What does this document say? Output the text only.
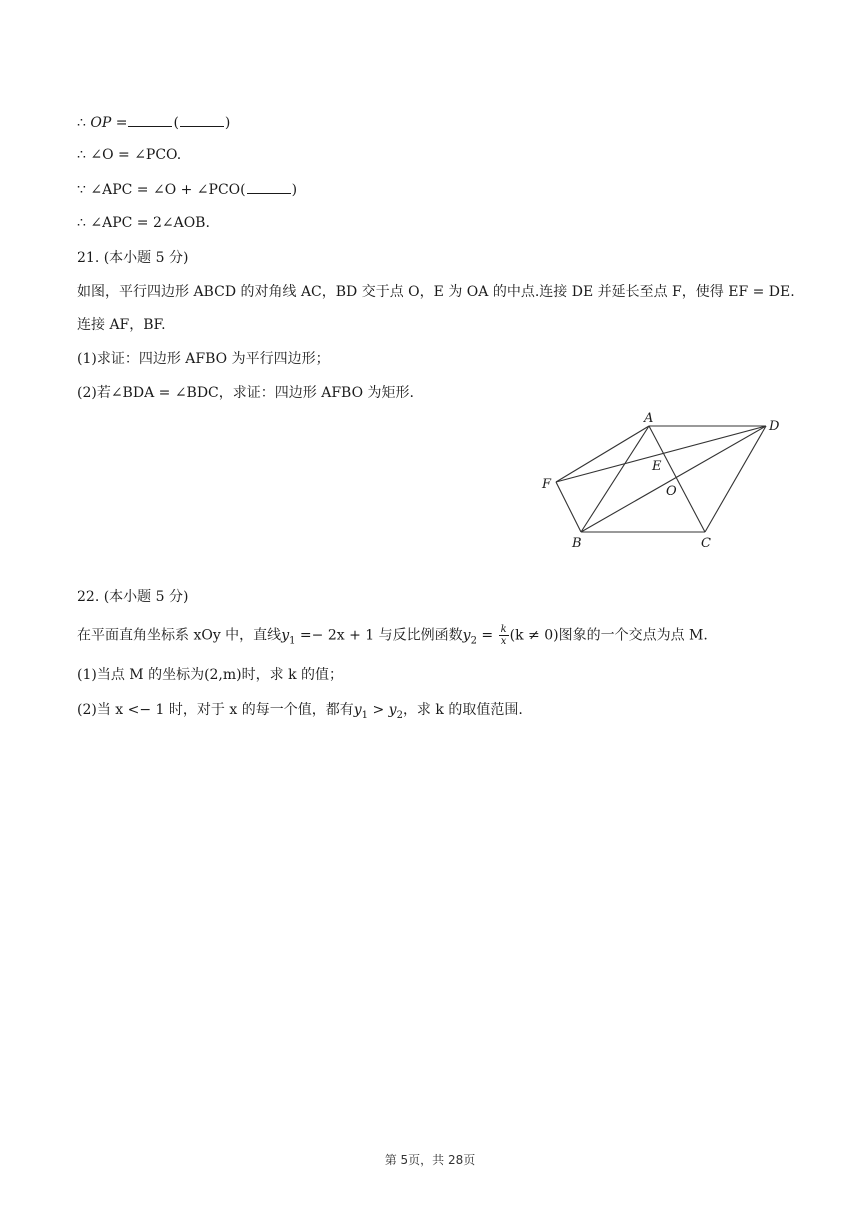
∴ OP =	(	)
∴ ∠O = ∠PCO.
∵ ∠APC = ∠O + ∠PCO(	)
∴ ∠APC = 2∠AOB.
21. (本小题 5 分)
如图，平行四边形 ABCD 的对角线 AC，BD 交于点 O，E 为 OA 的中点.连接 DE 并延长至点 F，使得 EF = DE.
连接 AF，BF.
(1)求证：四边形 AFBO 为平行四边形；
(2)若∠BDA = ∠BDC，求证：四边形 AFBO 为矩形.
A
D
E
F	O
B	C
22. (本小题 5 分)
在平面直角坐标系 xOy 中，直线$y_1 =- 2x + 1$ 与反比例函数$y_2 = \frac{k}{x} (k \ne 0)$图象的一个交点为点 M.
(1)当点 M 的坐标为(2,m)时，求 k 的值；
(2)当 x <− 1 时，对于 x 的每一个值，都有$y_1 > y_2$，求 k 的取值范围.
第 5页，共 28页
